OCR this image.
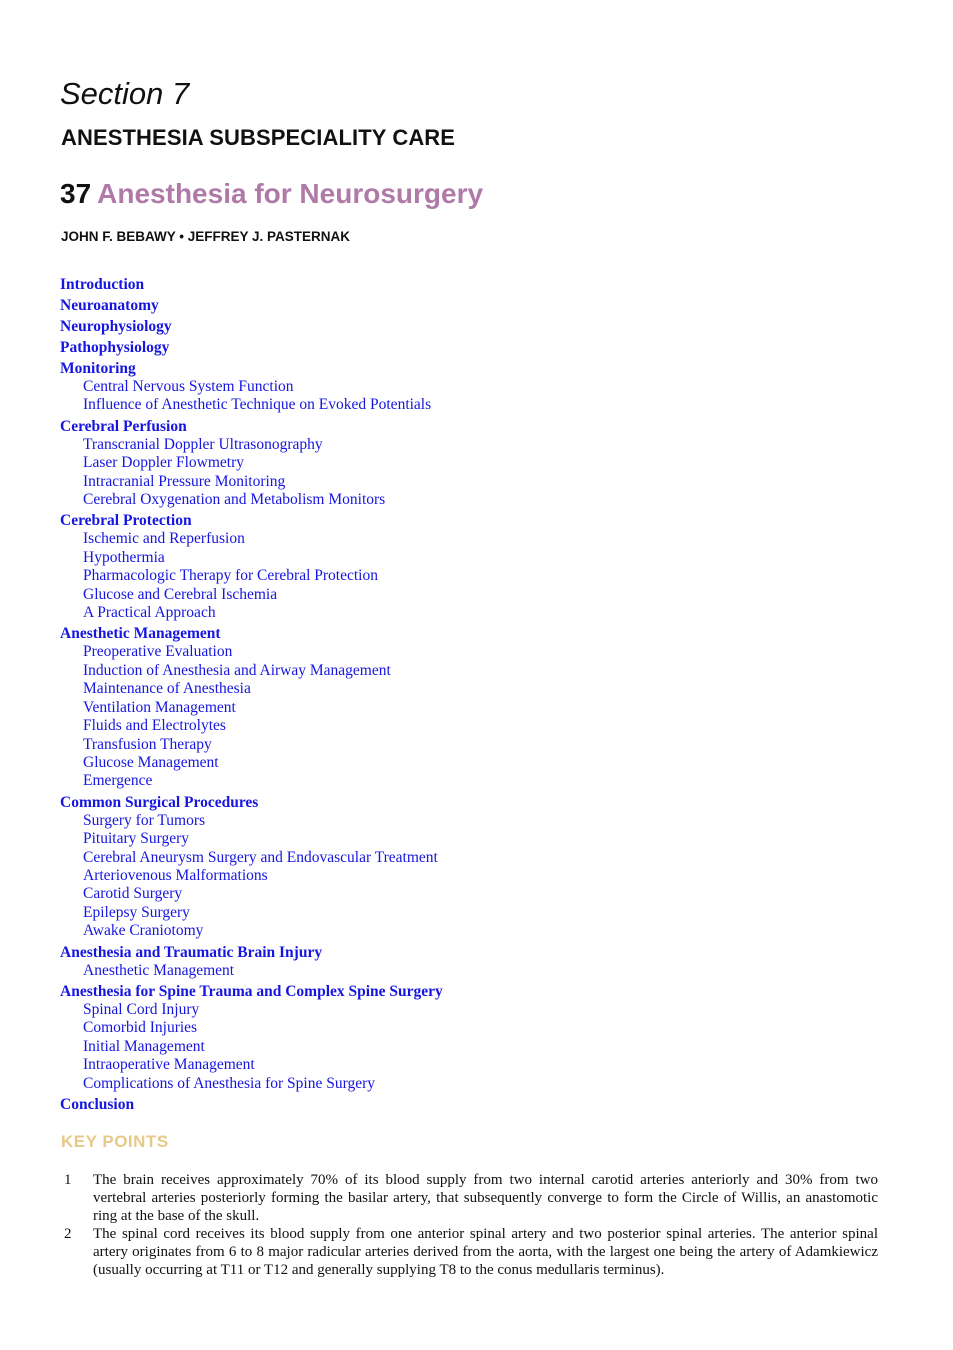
Section 7
ANESTHESIA SUBSPECIALITY CARE
37 Anesthesia for Neurosurgery
JOHN F. BEBAWY • JEFFREY J. PASTERNAK
Introduction
Neuroanatomy
Neurophysiology
Pathophysiology
Monitoring
Central Nervous System Function
Influence of Anesthetic Technique on Evoked Potentials
Cerebral Perfusion
Transcranial Doppler Ultrasonography
Laser Doppler Flowmetry
Intracranial Pressure Monitoring
Cerebral Oxygenation and Metabolism Monitors
Cerebral Protection
Ischemic and Reperfusion
Hypothermia
Pharmacologic Therapy for Cerebral Protection
Glucose and Cerebral Ischemia
A Practical Approach
Anesthetic Management
Preoperative Evaluation
Induction of Anesthesia and Airway Management
Maintenance of Anesthesia
Ventilation Management
Fluids and Electrolytes
Transfusion Therapy
Glucose Management
Emergence
Common Surgical Procedures
Surgery for Tumors
Pituitary Surgery
Cerebral Aneurysm Surgery and Endovascular Treatment
Arteriovenous Malformations
Carotid Surgery
Epilepsy Surgery
Awake Craniotomy
Anesthesia and Traumatic Brain Injury
Anesthetic Management
Anesthesia for Spine Trauma and Complex Spine Surgery
Spinal Cord Injury
Comorbid Injuries
Initial Management
Intraoperative Management
Complications of Anesthesia for Spine Surgery
Conclusion
KEY POINTS
1	The brain receives approximately 70% of its blood supply from two internal carotid arteries anteriorly and 30% from two vertebral arteries posteriorly forming the basilar artery, that subsequently converge to form the Circle of Willis, an anastomotic ring at the base of the skull.
2	The spinal cord receives its blood supply from one anterior spinal artery and two posterior spinal arteries. The anterior spinal artery originates from 6 to 8 major radicular arteries derived from the aorta, with the largest one being the artery of Adamkiewicz (usually occurring at T11 or T12 and generally supplying T8 to the conus medullaris terminus).
